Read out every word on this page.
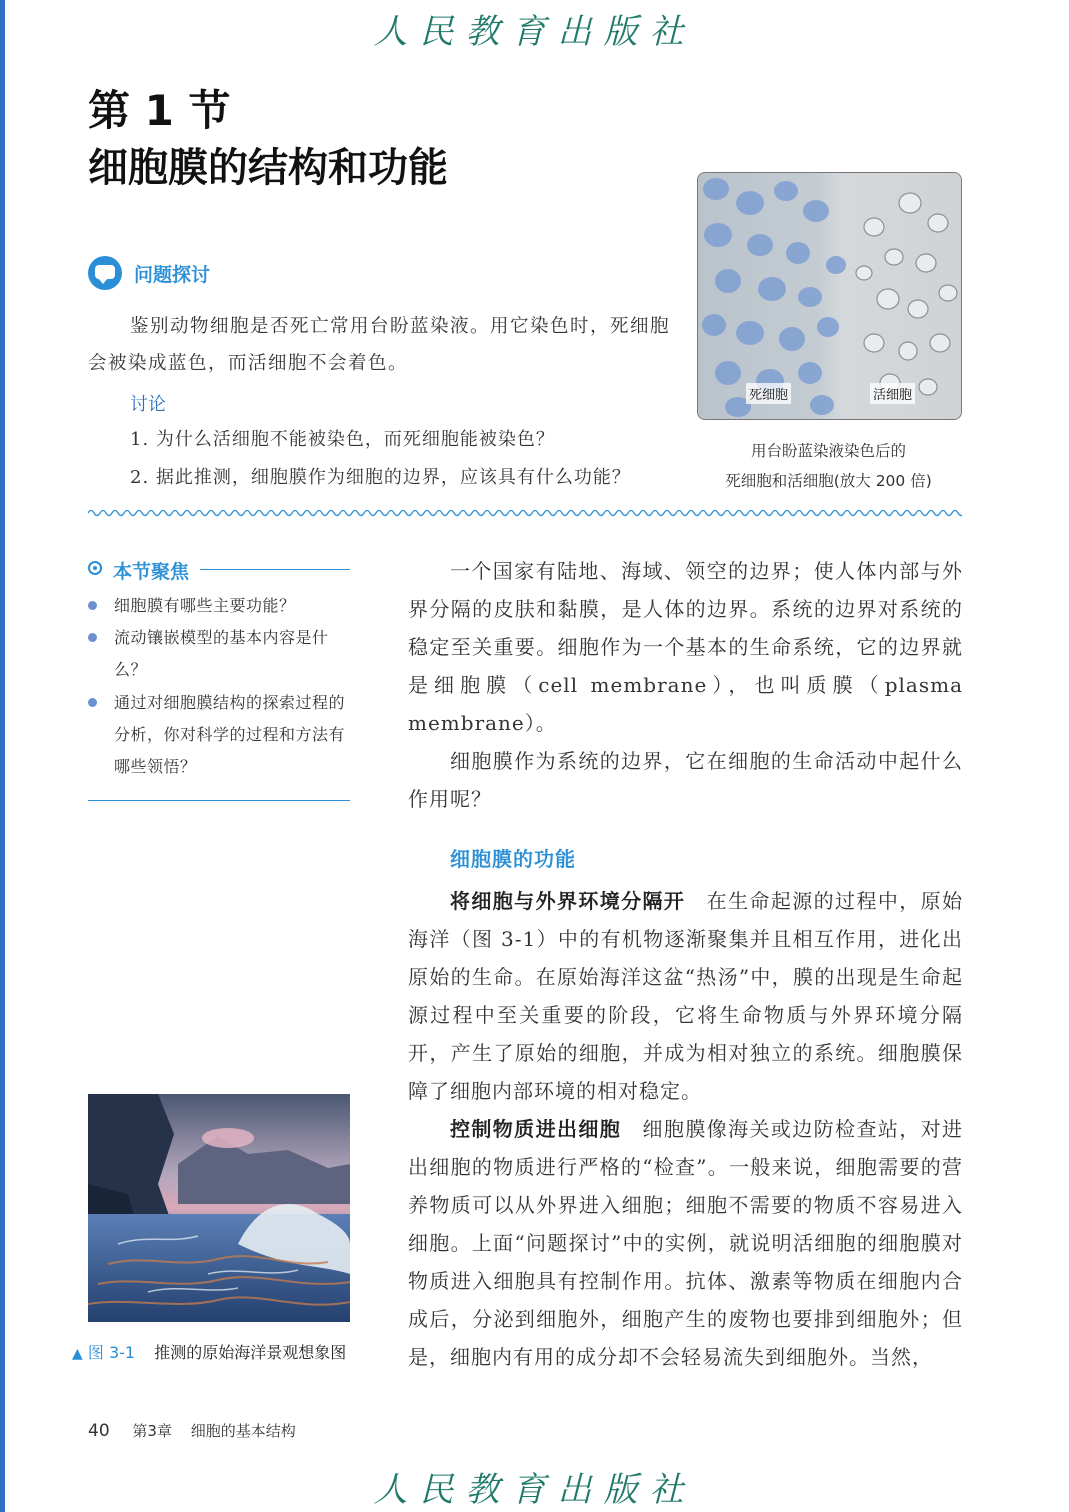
人民教育出版社
第 1 节
细胞膜的结构和功能
问题探讨
鉴别动物细胞是否死亡常用台盼蓝染液。用它染色时，死细胞会被染成蓝色，而活细胞不会着色。
讨论
1. 为什么活细胞不能被染色，而死细胞能被染色？
2. 据此推测，细胞膜作为细胞的边界，应该具有什么功能？
死细胞	活细胞
用台盼蓝染液染色后的
死细胞和活细胞(放大 200 倍)
本节聚焦
细胞膜有哪些主要功能？
流动镶嵌模型的基本内容是什么？
通过对细胞膜结构的探索过程的分析，你对科学的过程和方法有哪些领悟？

一个国家有陆地、海域、领空的边界；使人体内部与外界分隔的皮肤和黏膜，是人体的边界。系统的边界对系统的稳定至关重要。细胞作为一个基本的生命系统，它的边界就是细胞膜（cell membrane），也叫质膜（plasma membrane）。

细胞膜作为系统的边界，它在细胞的生命活动中起什么作用呢？

细胞膜的功能

将细胞与外界环境分隔开　在生命起源的过程中，原始海洋（图 3-1）中的有机物逐渐聚集并且相互作用，进化出原始的生命。在原始海洋这盆“热汤”中，膜的出现是生命起源过程中至关重要的阶段，它将生命物质与外界环境分隔开，产生了原始的细胞，并成为相对独立的系统。细胞膜保障了细胞内部环境的相对稳定。

控制物质进出细胞　细胞膜像海关或边防检查站，对进出细胞的物质进行严格的“检查”。一般来说，细胞需要的营养物质可以从外界进入细胞；细胞不需要的物质不容易进入细胞。上面“问题探讨”中的实例，就说明活细胞的细胞膜对物质进入细胞具有控制作用。抗体、激素等物质在细胞内合成后，分泌到细胞外，细胞产生的废物也要排到细胞外；但是，细胞内有用的成分却不会轻易流失到细胞外。当然，

▲ 图 3-1 推测的原始海洋景观想象图
40 第3章 细胞的基本结构
人民教育出版社
